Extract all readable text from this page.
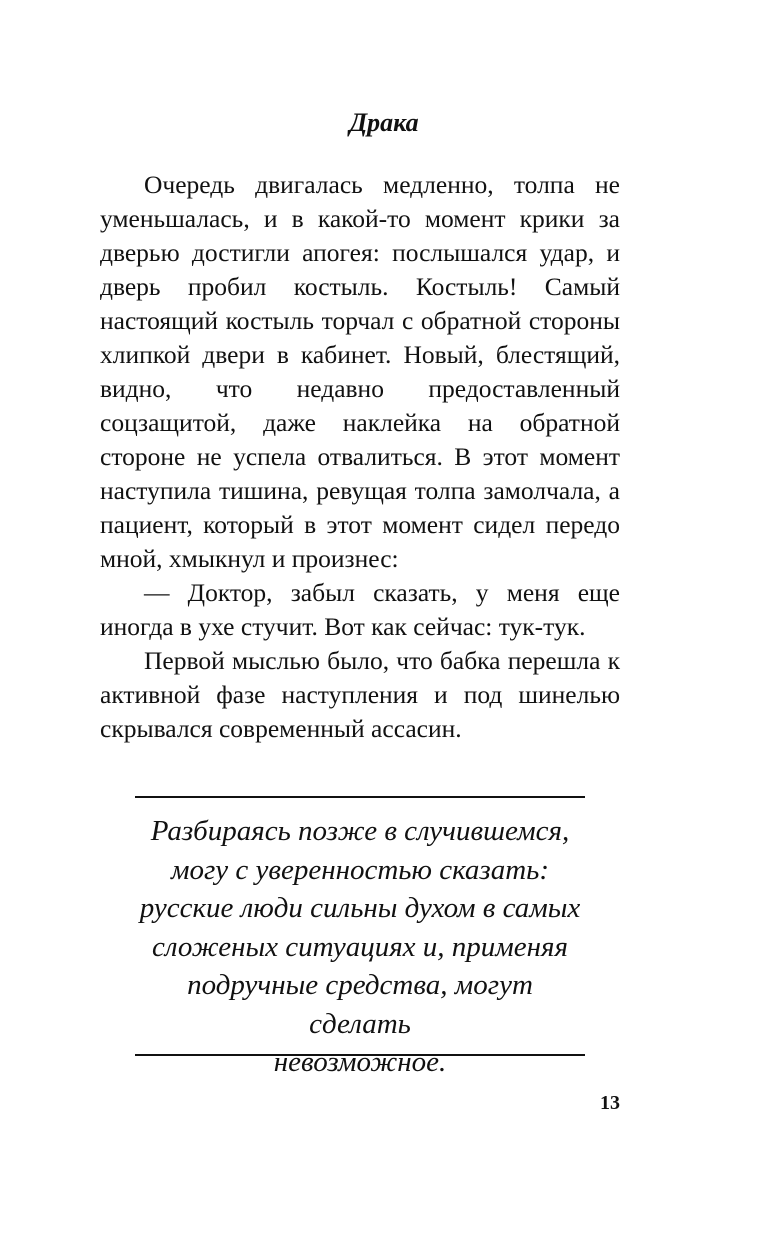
Драка

Очередь двигалась медленно, толпа не уменьшалась, и в какой-то момент крики за дверью достигли апогея: послышался удар, и дверь пробил костыль. Костыль! Самый настоящий костыль торчал с обратной стороны хлипкой двери в кабинет. Новый, блестящий, видно, что недавно предоставленный соцзащитой, даже наклейка на обратной стороне не успела отвалиться. В этот момент наступила тишина, ревущая толпа замолчала, а пациент, который в этот момент сидел передо мной, хмыкнул и произнес:

— Доктор, забыл сказать, у меня еще иногда в ухе стучит. Вот как сейчас: тук-тук.

Первой мыслью было, что бабка перешла к активной фазе наступления и под шинелью скрывался современный ассасин.

Разбираясь позже в случившемся,
могу с уверенностью сказать:
русские люди сильны духом в самых
сложеных ситуациях и, применяя
подручные средства, могут сделать
невозможное.

13
